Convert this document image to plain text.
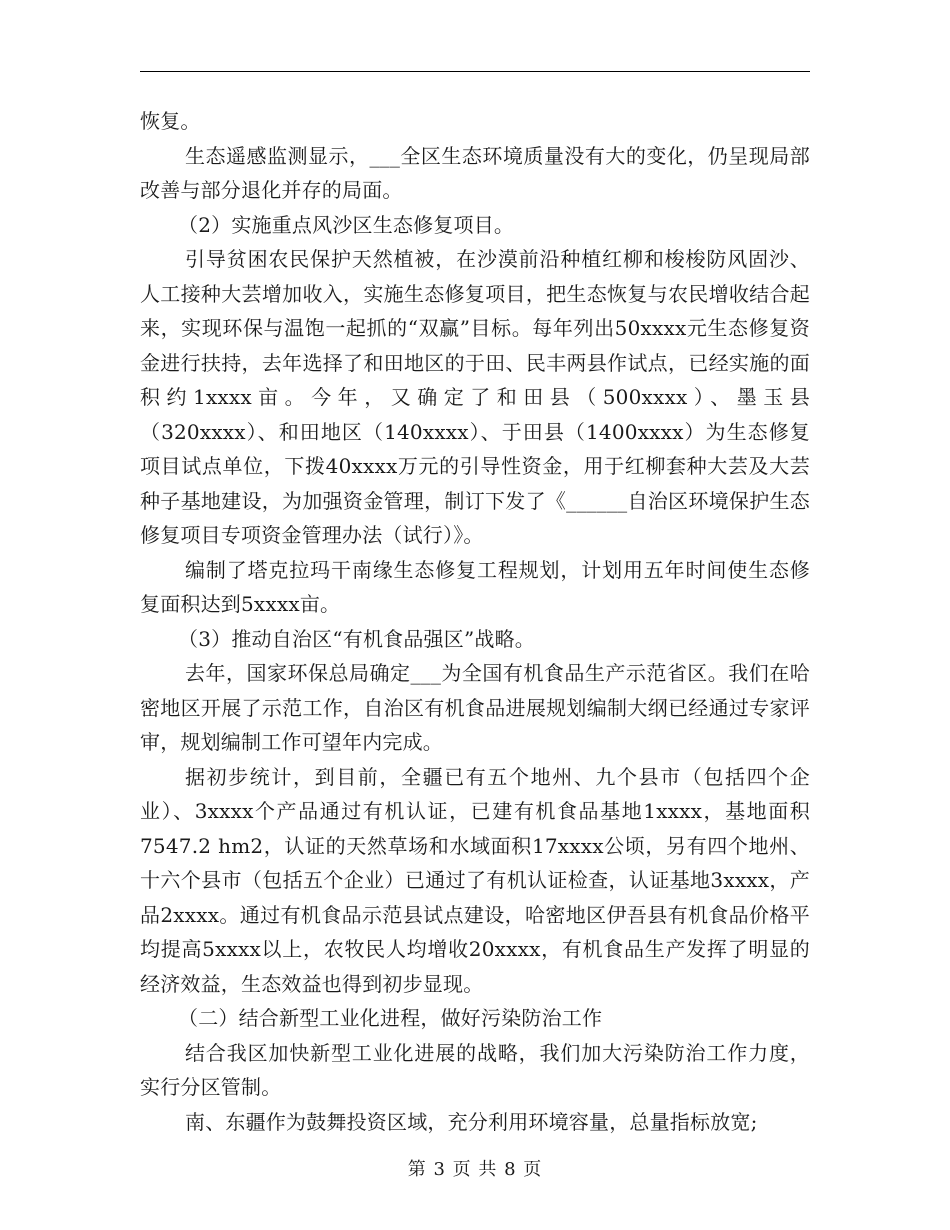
恢复。

生态遥感监测显示，___全区生态环境质量没有大的变化，仍呈现局部改善与部分退化并存的局面。

（2）实施重点风沙区生态修复项目。

引导贫困农民保护天然植被，在沙漠前沿种植红柳和梭梭防风固沙、人工接种大芸增加收入，实施生态修复项目，把生态恢复与农民增收结合起来，实现环保与温饱一起抓的“双赢”目标。每年列出50xxxx元生态修复资金进行扶持，去年选择了和田地区的于田、民丰两县作试点，已经实施的面积约1xxxx亩。今年，又确定了和田县（500xxxx）、墨玉县（320xxxx）、和田地区（140xxxx）、于田县（1400xxxx）为生态修复项目试点单位，下拨40xxxx万元的引导性资金，用于红柳套种大芸及大芸种子基地建设，为加强资金管理，制订下发了《______自治区环境保护生态修复项目专项资金管理办法（试行）》。

编制了塔克拉玛干南缘生态修复工程规划，计划用五年时间使生态修复面积达到5xxxx亩。

（3）推动自治区“有机食品强区”战略。

去年，国家环保总局确定___为全国有机食品生产示范省区。我们在哈密地区开展了示范工作，自治区有机食品进展规划编制大纲已经通过专家评审，规划编制工作可望年内完成。

据初步统计，到目前，全疆已有五个地州、九个县市（包括四个企业）、3xxxx个产品通过有机认证，已建有机食品基地1xxxx，基地面积7547.2 hm2，认证的天然草场和水域面积17xxxx公顷，另有四个地州、十六个县市（包括五个企业）已通过了有机认证检查，认证基地3xxxx，产品2xxxx。通过有机食品示范县试点建设，哈密地区伊吾县有机食品价格平均提高5xxxx以上，农牧民人均增收20xxxx，有机食品生产发挥了明显的经济效益，生态效益也得到初步显现。

（二）结合新型工业化进程，做好污染防治工作

结合我区加快新型工业化进展的战略，我们加大污染防治工作力度，实行分区管制。

南、东疆作为鼓舞投资区域，充分利用环境容量，总量指标放宽;

第 3 页 共 8 页
